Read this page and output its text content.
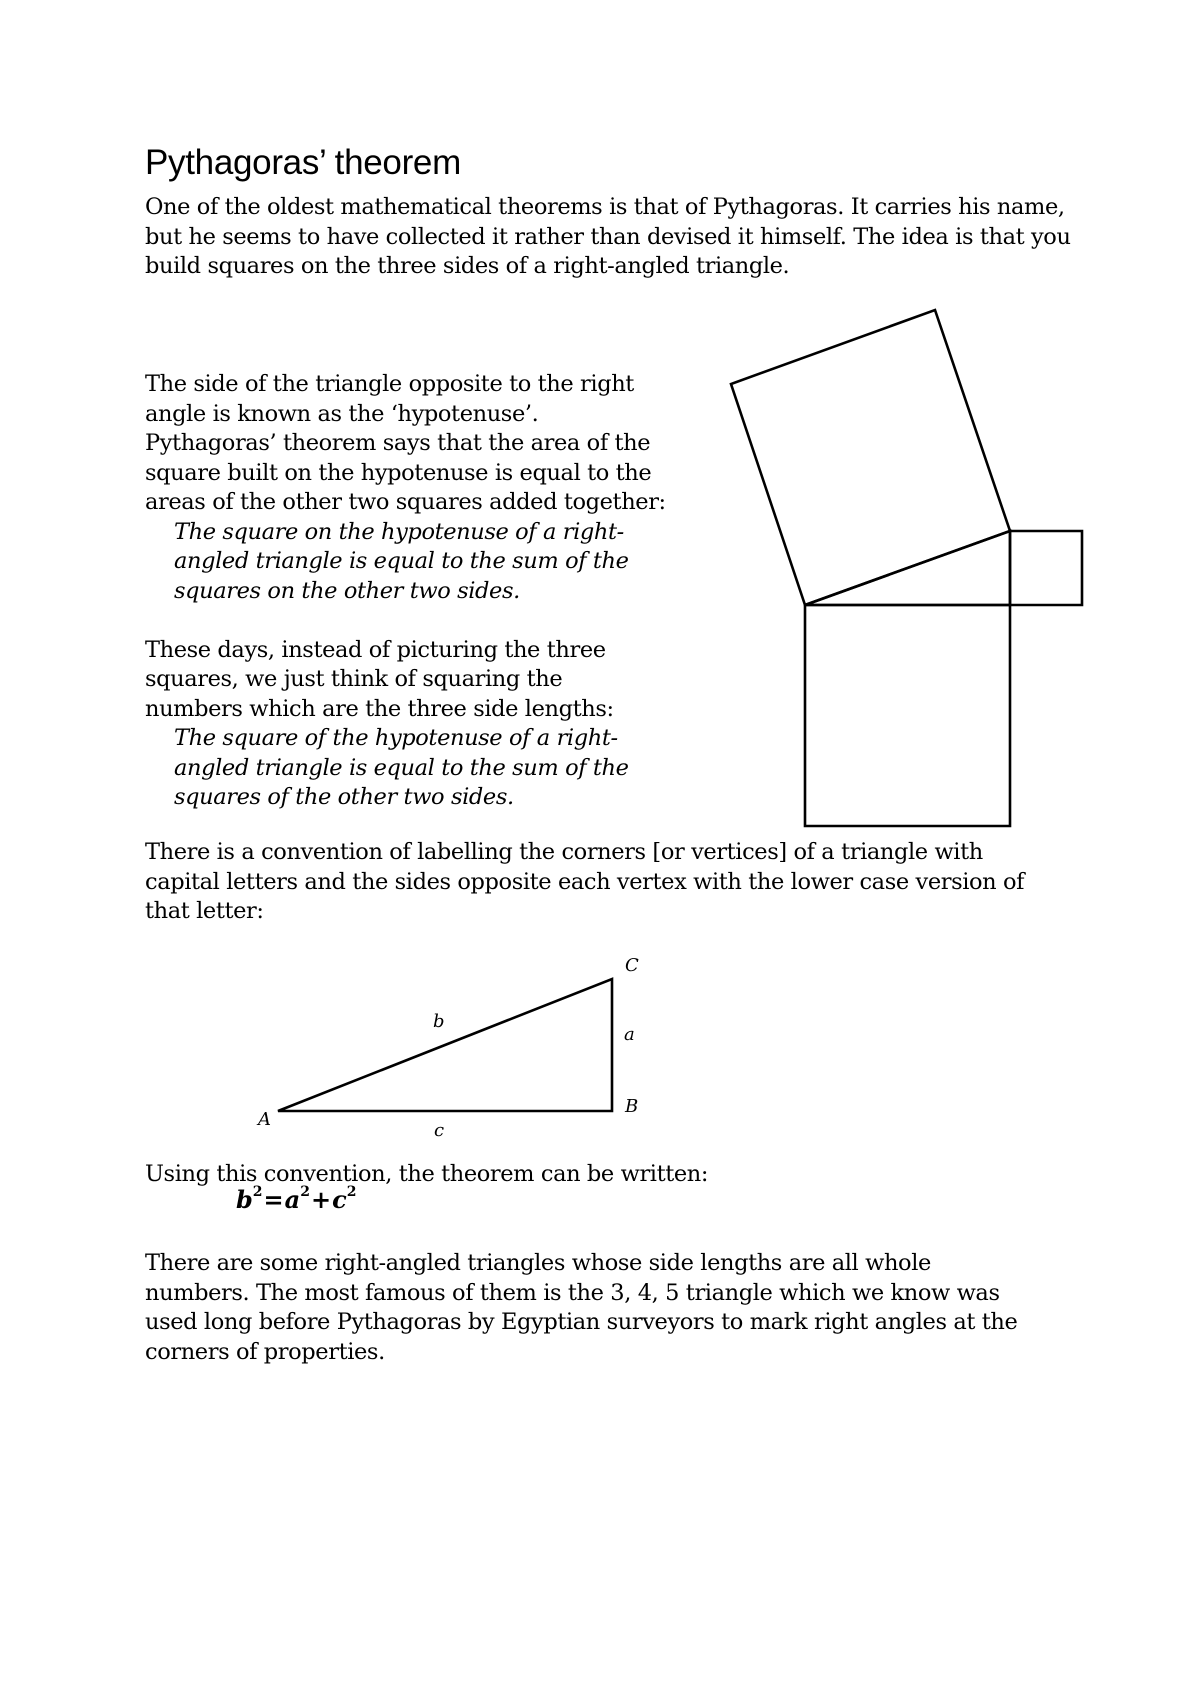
Pythagoras’ theorem

One of the oldest mathematical theorems is that of Pythagoras. It carries his name, but he seems to have collected it rather than devised it himself. The idea is that you build squares on the three sides of a right-angled triangle.

The side of the triangle opposite to the right

angle is known as the ‘hypotenuse’.

Pythagoras’ theorem says that the area of the

square built on the hypotenuse is equal to the

areas of the other two squares added together:

The square on the hypotenuse of a right-

angled triangle is equal to the sum of the

squares on the other two sides.

These days, instead of picturing the three

squares, we just think of squaring the

numbers which are the three side lengths:

The square of the hypotenuse of a right-

angled triangle is equal to the sum of the

squares of the other two sides.

A
B
C
a
b
c

There is a convention of labelling the corners [or vertices] of a triangle with

capital letters and the sides opposite each vertex with the lower case version of

that letter:

Using this convention, the theorem can be written:

$b^2=a^2+c^2$

There are some right-angled triangles whose side lengths are all whole

numbers. The most famous of them is the 3, 4, 5 triangle which we know was

used long before Pythagoras by Egyptian surveyors to mark right angles at the

corners of properties.
